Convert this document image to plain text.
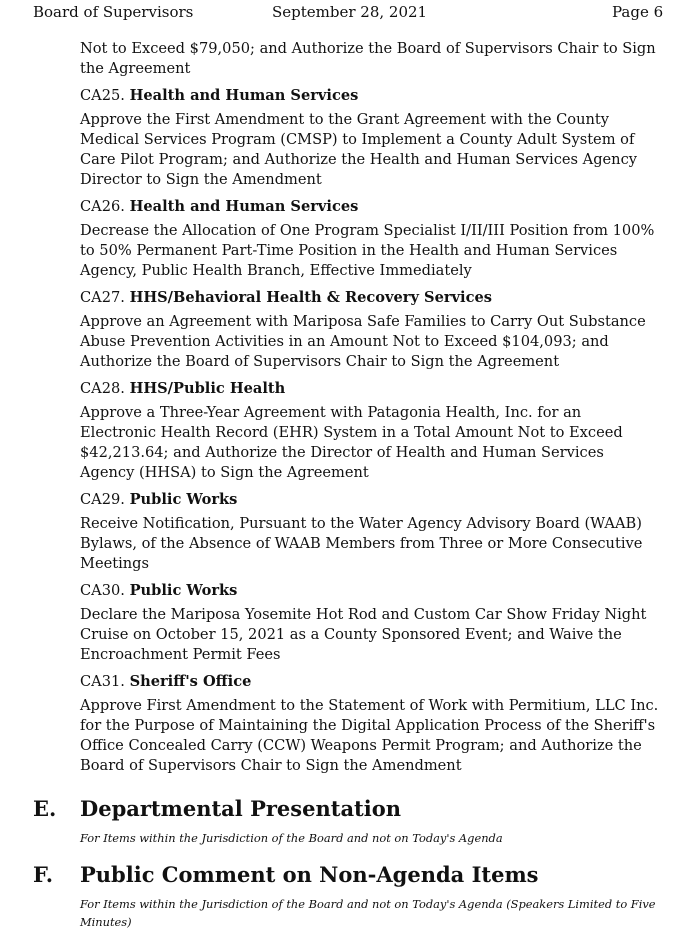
Board of Supervisors	September 28, 2021	Page 6

Not to Exceed $79,050; and Authorize the Board of Supervisors Chair to Sign the Agreement

CA25. Health and Human Services

Approve the First Amendment to the Grant Agreement with the County Medical Services Program (CMSP) to Implement a County Adult System of Care Pilot Program; and Authorize the Health and Human Services Agency Director to Sign the Amendment

CA26. Health and Human Services

Decrease the Allocation of One Program Specialist I/II/III Position from 100% to 50% Permanent Part-Time Position in the Health and Human Services Agency, Public Health Branch, Effective Immediately

CA27. HHS/Behavioral Health & Recovery Services

Approve an Agreement with Mariposa Safe Families to Carry Out Substance Abuse Prevention Activities in an Amount Not to Exceed $104,093; and Authorize the Board of Supervisors Chair to Sign the Agreement

CA28. HHS/Public Health

Approve a Three-Year Agreement with Patagonia Health, Inc. for an Electronic Health Record (EHR) System in a Total Amount Not to Exceed $42,213.64; and Authorize the Director of Health and Human Services Agency (HHSA) to Sign the Agreement

CA29. Public Works

Receive Notification, Pursuant to the Water Agency Advisory Board (WAAB) Bylaws, of the Absence of WAAB Members from Three or More Consecutive Meetings

CA30. Public Works

Declare the Mariposa Yosemite Hot Rod and Custom Car Show Friday Night Cruise on October 15, 2021 as a County Sponsored Event; and Waive the Encroachment Permit Fees

CA31. Sheriff's Office

Approve First Amendment to the Statement of Work with Permitium, LLC Inc. for the Purpose of Maintaining the Digital Application Process of the Sheriff's Office Concealed Carry (CCW) Weapons Permit Program; and Authorize the Board of Supervisors Chair to Sign the Amendment

E. Departmental Presentation
For Items within the Jurisdiction of the Board and not on Today's Agenda
F. Public Comment on Non-Agenda Items
For Items within the Jurisdiction of the Board and not on Today's Agenda (Speakers Limited to Five Minutes)
